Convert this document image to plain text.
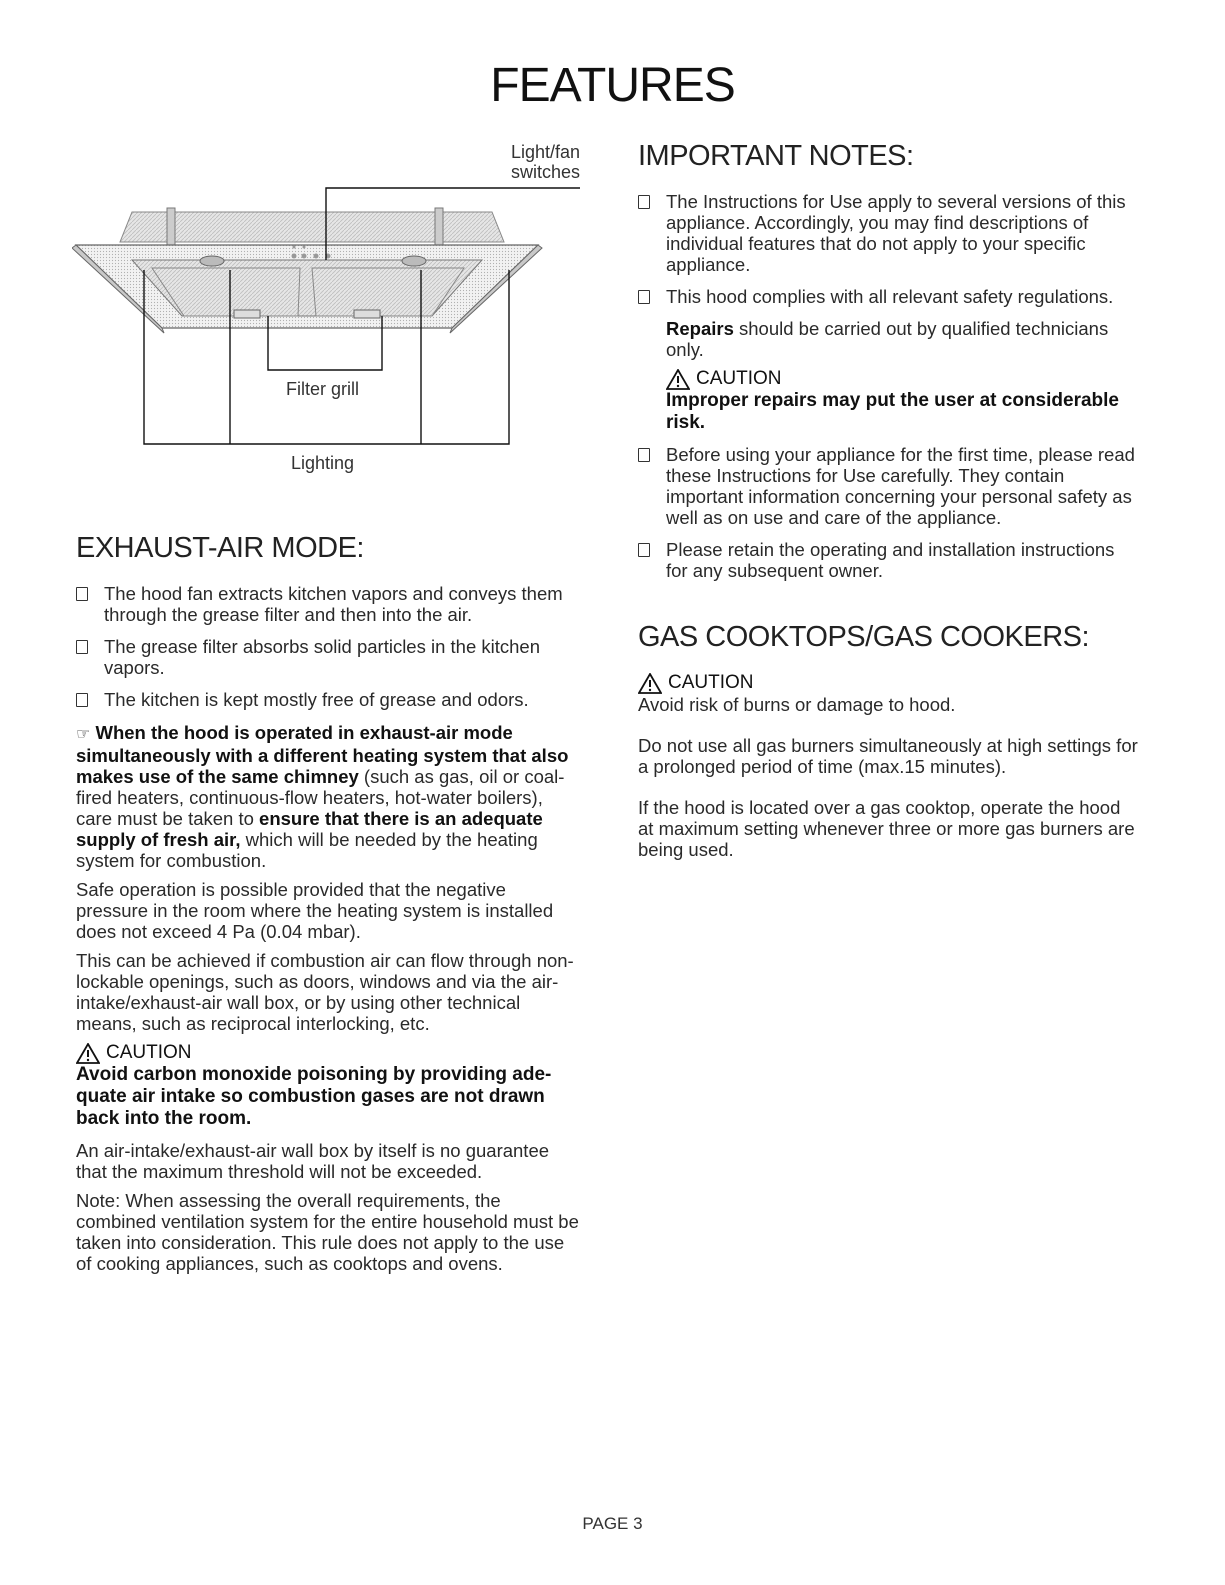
FEATURES
Light/fan
switches
Filter grill
Lighting
EXHAUST-AIR MODE:
The hood fan extracts kitchen vapors and conveys them through the grease filter and then into the air.
The grease filter absorbs solid particles in the kitchen vapors.
The kitchen is kept mostly free of grease and odors.
☞ When the hood is operated in exhaust-air mode simultaneously with a different heating system that also makes use of the same chimney (such as gas, oil or coal-fired heaters, continuous-flow heaters, hot-water boilers), care must be taken to ensure that there is an adequate supply of fresh air, which will be needed by the heating system for combustion.
Safe operation is possible provided that the negative pressure in the room where the heating system is installed does not exceed 4 Pa (0.04 mbar).
This can be achieved if combustion air can flow through non-lockable openings, such as doors, windows and via the air-intake/exhaust-air wall box, or by using other technical means, such as reciprocal interlocking, etc.
CAUTION
Avoid carbon monoxide poisoning by providing ade-quate air intake so combustion gases are not drawn back into the room.
An air-intake/exhaust-air wall box by itself is no guarantee that the maximum threshold will not be exceeded.
Note: When assessing the overall requirements, the combined ventilation system for the entire household must be taken into consideration. This rule does not apply to the use of cooking appliances, such as cooktops and ovens.
IMPORTANT NOTES:
The Instructions for Use apply to several versions of this appliance. Accordingly, you may find descriptions of individual features that do not apply to your specific appliance.
This hood complies with all relevant safety regulations.
Repairs should be carried out by qualified technicians only.
CAUTION
Improper repairs may put the user at considerable risk.
Before using your appliance for the first time, please read these Instructions for Use carefully. They contain important information concerning your personal safety as well as on use and care of the appliance.
Please retain the operating and installation instructions for any subsequent owner.
GAS COOKTOPS/GAS COOKERS:
CAUTION
Avoid risk of burns or damage to hood.
Do not use all gas burners simultaneously at high settings for a prolonged period of time (max.15 minutes).
If the hood is located over a gas cooktop, operate the hood at maximum setting whenever three or more gas burners are being used.
PAGE 3
